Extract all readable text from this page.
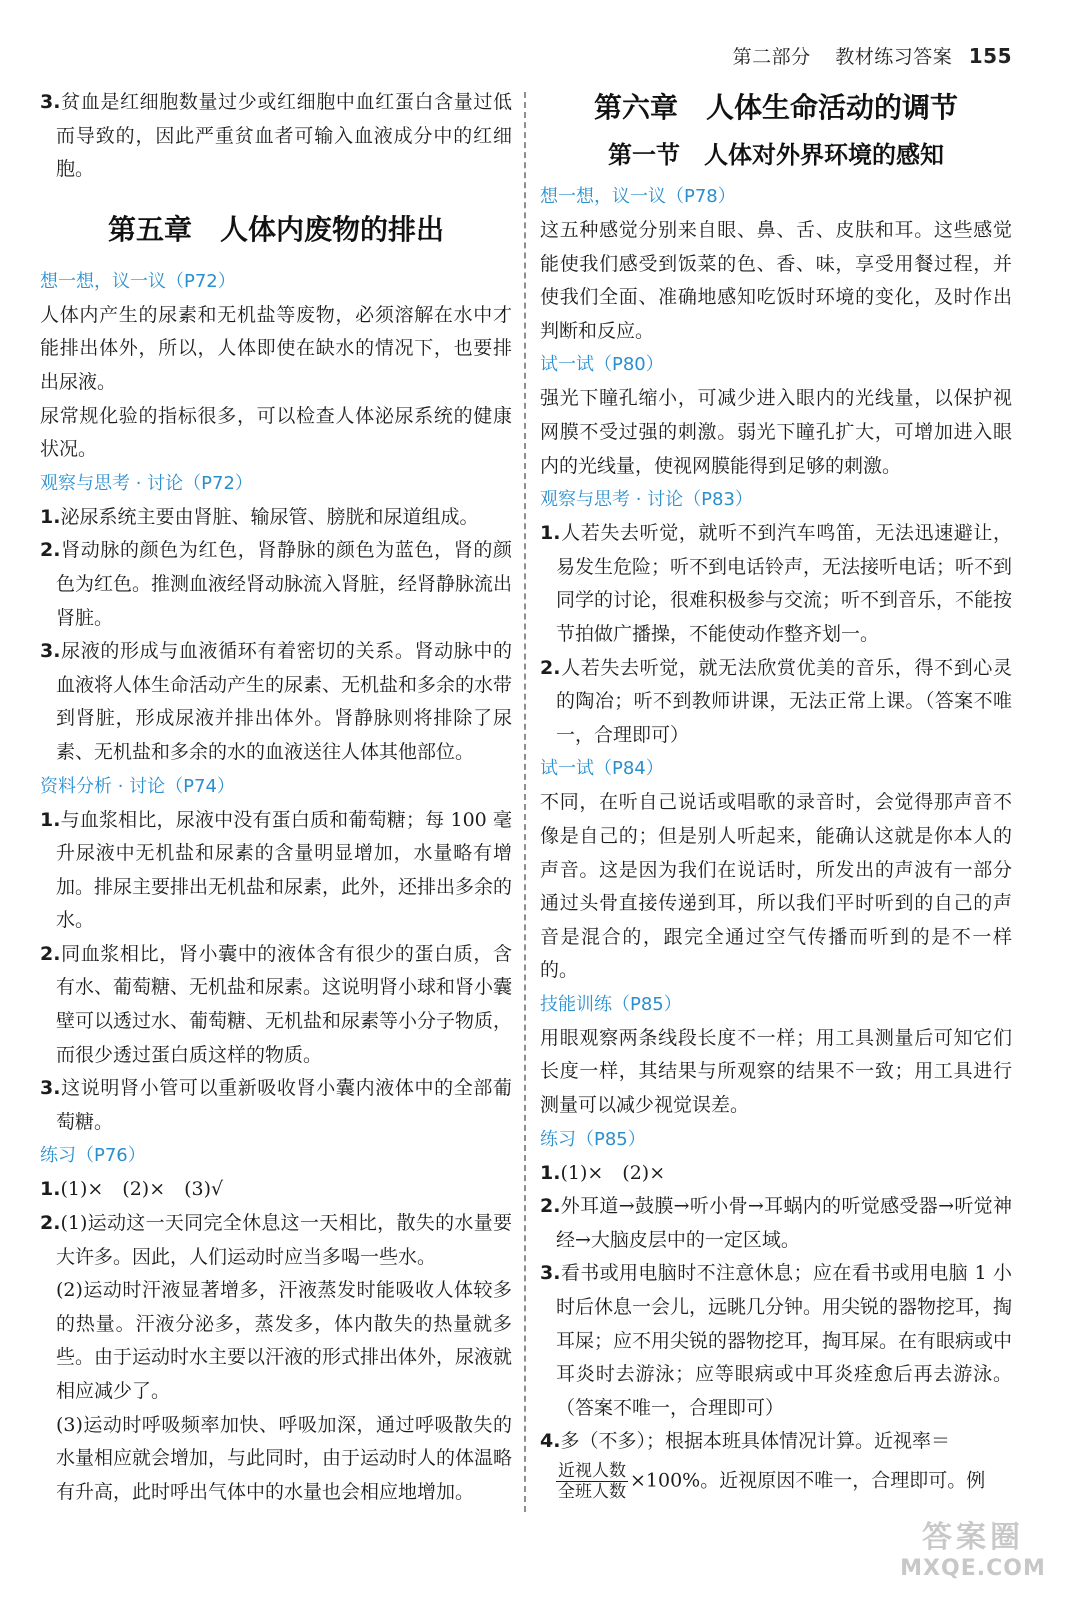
第二部分 教材练习答案 155

3.贫血是红细胞数量过少或红细胞中血红蛋白含量过低而导致的，因此严重贫血者可输入血液成分中的红细胞。

第五章　人体内废物的排出

想一想，议一议（P72）

人体内产生的尿素和无机盐等废物，必须溶解在水中才能排出体外，所以，人体即使在缺水的情况下，也要排出尿液。

尿常规化验的指标很多，可以检查人体泌尿系统的健康状况。

观察与思考 · 讨论（P72）

1.泌尿系统主要由肾脏、输尿管、膀胱和尿道组成。

2.肾动脉的颜色为红色，肾静脉的颜色为蓝色，肾的颜色为红色。推测血液经肾动脉流入肾脏，经肾静脉流出肾脏。

3.尿液的形成与血液循环有着密切的关系。肾动脉中的血液将人体生命活动产生的尿素、无机盐和多余的水带到肾脏，形成尿液并排出体外。肾静脉则将排除了尿素、无机盐和多余的水的血液送往人体其他部位。

资料分析 · 讨论（P74）

1.与血浆相比，尿液中没有蛋白质和葡萄糖；每 100 毫升尿液中无机盐和尿素的含量明显增加，水量略有增加。排尿主要排出无机盐和尿素，此外，还排出多余的水。

2.同血浆相比，肾小囊中的液体含有很少的蛋白质，含有水、葡萄糖、无机盐和尿素。这说明肾小球和肾小囊壁可以透过水、葡萄糖、无机盐和尿素等小分子物质，而很少透过蛋白质这样的物质。

3.这说明肾小管可以重新吸收肾小囊内液体中的全部葡萄糖。

练习（P76）

1.(1)×　(2)×　(3)√

2.(1)运动这一天同完全休息这一天相比，散失的水量要大许多。因此，人们运动时应当多喝一些水。

(2)运动时汗液显著增多，汗液蒸发时能吸收人体较多的热量。汗液分泌多，蒸发多，体内散失的热量就多些。由于运动时水主要以汗液的形式排出体外，尿液就相应减少了。

(3)运动时呼吸频率加快、呼吸加深，通过呼吸散失的水量相应就会增加，与此同时，由于运动时人的体温略有升高，此时呼出气体中的水量也会相应地增加。

第六章　人体生命活动的调节
第一节　人体对外界环境的感知

想一想，议一议（P78）

这五种感觉分别来自眼、鼻、舌、皮肤和耳。这些感觉能使我们感受到饭菜的色、香、味，享受用餐过程，并使我们全面、准确地感知吃饭时环境的变化，及时作出判断和反应。

试一试（P80）

强光下瞳孔缩小，可减少进入眼内的光线量，以保护视网膜不受过强的刺激。弱光下瞳孔扩大，可增加进入眼内的光线量，使视网膜能得到足够的刺激。

观察与思考 · 讨论（P83）

1.人若失去听觉，就听不到汽车鸣笛，无法迅速避让，易发生危险；听不到电话铃声，无法接听电话；听不到同学的讨论，很难积极参与交流；听不到音乐，不能按节拍做广播操，不能使动作整齐划一。

2.人若失去听觉，就无法欣赏优美的音乐，得不到心灵的陶冶；听不到教师讲课，无法正常上课。（答案不唯一，合理即可）

试一试（P84）

不同，在听自己说话或唱歌的录音时，会觉得那声音不像是自己的；但是别人听起来，能确认这就是你本人的声音。这是因为我们在说话时，所发出的声波有一部分通过头骨直接传递到耳，所以我们平时听到的自己的声音是混合的，跟完全通过空气传播而听到的是不一样的。

技能训练（P85）

用眼观察两条线段长度不一样；用工具测量后可知它们长度一样，其结果与所观察的结果不一致；用工具进行测量可以减少视觉误差。

练习（P85）

1.(1)×　(2)×

2.外耳道→鼓膜→听小骨→耳蜗内的听觉感受器→听觉神经→大脑皮层中的一定区域。

3.看书或用电脑时不注意休息；应在看书或用电脑 1 小时后休息一会儿，远眺几分钟。用尖锐的器物挖耳，掏耳屎；应不用尖锐的器物挖耳，掏耳屎。在有眼病或中耳炎时去游泳；应等眼病或中耳炎痊愈后再去游泳。（答案不唯一，合理即可）

4.多（不多）；根据本班具体情况计算。近视率＝

$\frac{\text{近视人数}}{\text{全班人数}} \times 100\%$。近视原因不唯一，合理即可。例

答案圈
MXQE.COM
